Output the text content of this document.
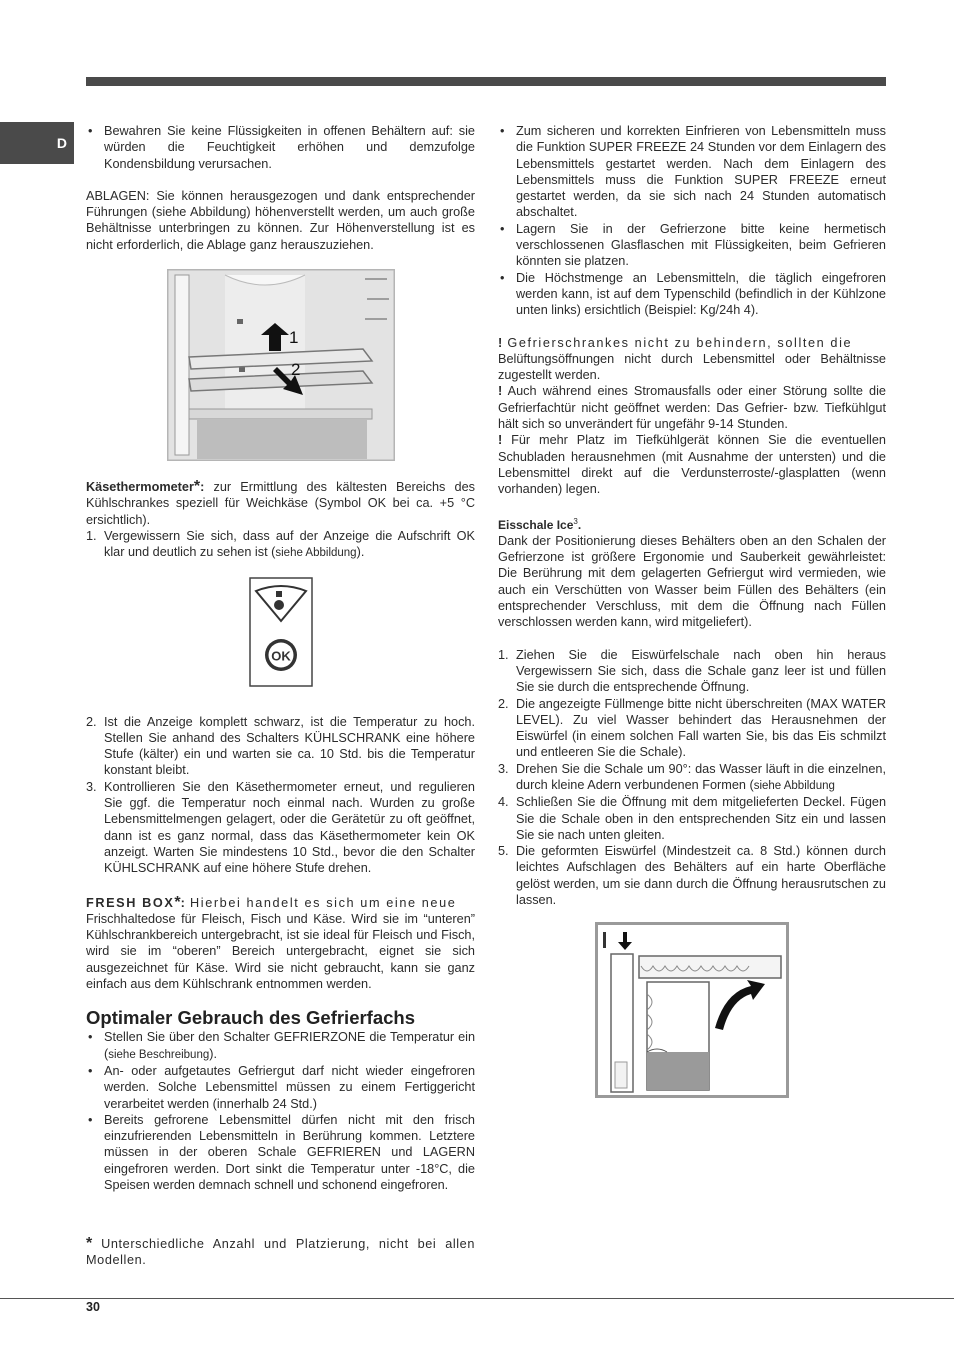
D
• Bewahren Sie keine Flüssigkeiten in offenen Behältern auf: sie würden die Feuchtigkeit erhöhen und demzufolge Kondensbildung verursachen.

ABLAGEN: Sie können herausgezogen und dank entsprechender Führungen (siehe Abbildung) höhenverstellt werden, um auch große Behältnisse unterbringen zu können. Zur Höhenverstellung ist es nicht erforderlich, die Ablage ganz herauszuziehen.

1
2

Käsethermometer*: zur Ermittlung des kältesten Bereichs des Kühlschrankes speziell für Weichkäse (Symbol OK bei ca. +5 °C ersichtlich).

1. Vergewissern Sie sich, dass auf der Anzeige die Aufschrift OK klar und deutlich zu sehen ist (siehe Abbildung).
OK
2. Ist die Anzeige komplett schwarz, ist die Temperatur zu hoch. Stellen Sie anhand des Schalters KÜHLSCHRANK eine höhere Stufe (kälter) ein und warten sie ca. 10 Std. bis die Temperatur konstant bleibt.
3. Kontrollieren Sie den Käsethermometer erneut, und regulieren Sie ggf. die Temperatur noch einmal nach. Wurden zu große Lebensmittelmengen gelagert, oder die Gerätetür zu oft geöffnet, dann ist es ganz normal, dass das Käsethermometer kein OK anzeigt. Warten Sie mindestens 10 Std., bevor die den Schalter KÜHLSCHRANK auf eine höhere Stufe drehen.

FRESH BOX*: Hierbei handelt es sich um eine neue
Frischhaltedose für Fleisch, Fisch und Käse. Wird sie im “unteren” Kühlschrankbereich untergebracht, ist sie ideal für Fleisch und Fisch, wird sie im “oberen” Bereich untergebracht, eignet sie sich ausgezeichnet für Käse. Wird sie nicht gebraucht, kann sie ganz einfach aus dem Kühlschrank entnommen werden.

Optimaler Gebrauch des Gefrierfachs
• Stellen Sie über den Schalter GEFRIERZONE die Temperatur ein (siehe Beschreibung).
• An- oder aufgetautes Gefriergut darf nicht wieder eingefroren werden. Solche Lebensmittel müssen zu einem Fertiggericht verarbeitet werden (innerhalb 24 Std.)
• Bereits gefrorene Lebensmittel dürfen nicht mit den frisch einzufrierenden Lebensmitteln in Berührung kommen. Letztere müssen in der oberen Schale GEFRIEREN und LAGERN eingefroren werden. Dort sinkt die Temperatur unter -18°C, die Speisen werden demnach schnell und schonend eingefroren.
• Zum sicheren und korrekten Einfrieren von Lebensmitteln muss die Funktion SUPER FREEZE 24 Stunden vor dem Einlagern des Lebensmittels gestartet werden. Nach dem Einlagern des Lebensmittels muss die Funktion SUPER FREEZE erneut gestartet werden, da sie sich nach 24 Stunden automatisch abschaltet.
• Lagern Sie in der Gefrierzone bitte keine hermetisch verschlossenen Glasflaschen mit Flüssigkeiten, beim Gefrieren könnten sie platzen.
• Die Höchstmenge an Lebensmitteln, die täglich eingefroren werden kann, ist auf dem Typenschild (befindlich in der Kühlzone unten links) ersichtlich (Beispiel: Kg/24h 4).

! Gefrierschrankes nicht zu behindern, sollten die
Belüftungsöffnungen nicht durch Lebensmittel oder Behältnisse zugestellt werden.

! Auch während eines Stromausfalls oder einer Störung sollte die Gefrierfachtür nicht geöffnet werden: Das Gefrier- bzw. Tiefkühlgut hält sich so unverändert für ungefähr 9-14 Stunden.

! Für mehr Platz im Tiefkühlgerät können Sie die eventuellen Schubladen herausnehmen (mit Ausnahme der untersten) und die Lebensmittel direkt auf die Verdunsterroste/-glasplatten (wenn vorhanden) legen.

Eisschale Ice$^3$.

Dank der Positionierung dieses Behälters oben an den Schalen der Gefrierzone ist größere Ergonomie und Sauberkeit gewährleistet: Die Berührung mit dem gelagerten Gefriergut wird vermieden, wie auch ein Verschütten von Wasser beim Füllen des Behälters (ein entsprechender Verschluss, mit dem die Öffnung nach Füllen verschlossen werden kann, wird mitgeliefert).

1. Ziehen Sie die Eiswürfelschale nach oben hin heraus Vergewissern Sie sich, dass die Schale ganz leer ist und füllen Sie sie durch die entsprechende Öffnung.
2. Die angezeigte Füllmenge bitte nicht überschreiten (MAX WATER LEVEL). Zu viel Wasser behindert das Herausnehmen der Eiswürfel (in einem solchen Fall warten Sie, bis das Eis schmilzt und entleeren Sie die Schale).
3. Drehen Sie die Schale um 90°: das Wasser läuft in die einzelnen, durch kleine Adern verbundenen Formen (siehe Abbildung
4. Schließen Sie die Öffnung mit dem mitgelieferten Deckel. Fügen Sie die Schale oben in den entsprechenden Sitz ein und lassen Sie sie nach unten gleiten.
5. Die geformten Eiswürfel (Mindestzeit ca. 8 Std.) können durch leichtes Aufschlagen des Behälters auf ein harte Oberfläche gelöst werden, um sie dann durch die Öffnung herausrutschen zu lassen.
* Unterschiedliche Anzahl und Platzierung, nicht bei allen Modellen.
30
